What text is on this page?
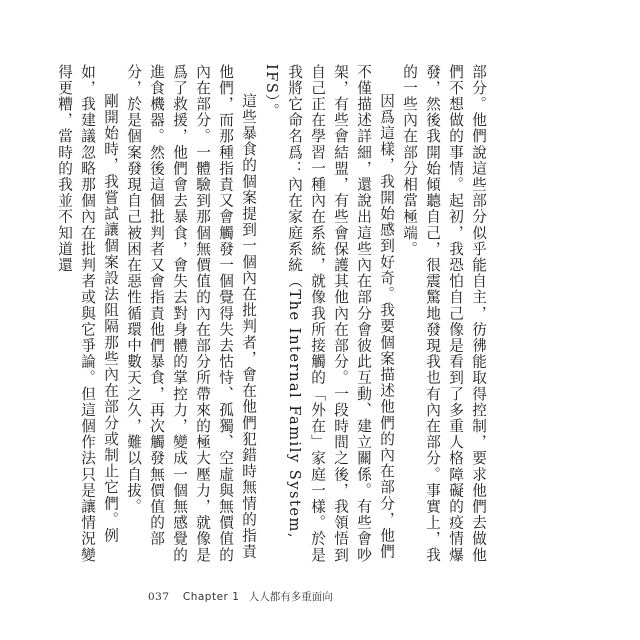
部分。他們說這些部分似乎能自主，彷彿能取得控制，要求他們去做他們不想做的事情。起初，我恐怕自己像是看到了多重人格障礙的疫情爆發，然後我開始傾聽自己，很震驚地發現我也有內在部分。事實上，我的一些內在部分相當極端。

因爲這樣，我開始感到好奇。我要個案描述他們的內在部分，他們不僅描述詳細，還說出這些內在部分會彼此互動、建立關係。有些會吵架，有些會結盟，有些會保護其他內在部分。一段時間之後，我領悟到自己正在學習一種內在系統，就像我所接觸的「外在」家庭一樣。於是我將它命名爲：內在家庭系統（The Internal Family System, IFS）。

這些暴食的個案提到一個內在批判者，會在他們犯錯時無情的指責他們，而那種指責又會觸發一個覺得失去怙恃、孤獨、空虛與無價值的內在部分。一體驗到那個無價值的內在部分所帶來的極大壓力，就像是爲了救援，他們會去暴食，會失去對身體的掌控力，變成一個無感覺的進食機器。然後這個批判者又會指責他們暴食，再次觸發無價值的部分，於是個案發現自己被困在惡性循環中數天之久，難以自拔。

剛開始時，我嘗試讓個案設法阻隔那些內在部分或制止它們。例如，我建議忽略那個內在批判者或與它爭論。但這個作法只是讓情況變得更糟，當時的我並不知道還

037 Chapter 1 人人都有多重面向
